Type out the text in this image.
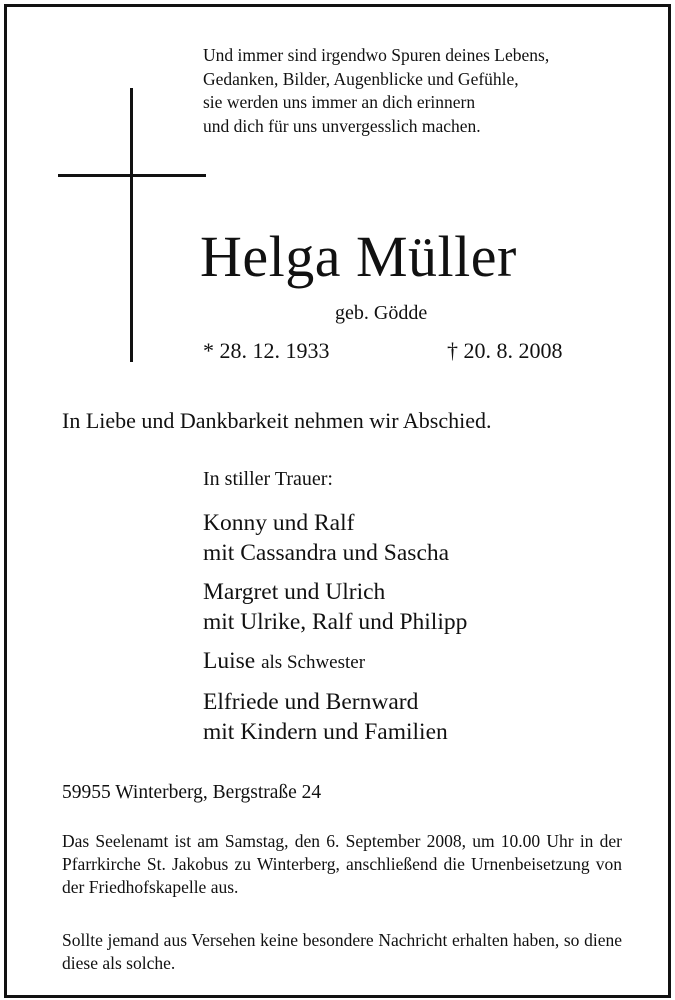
Und immer sind irgendwo Spuren deines Lebens,
Gedanken, Bilder, Augenblicke und Gefühle,
sie werden uns immer an dich erinnern
und dich für uns unvergesslich machen.
Helga Müller
geb. Gödde
* 28. 12. 1933	† 20. 8. 2008
In Liebe und Dankbarkeit nehmen wir Abschied.
In stiller Trauer:
Konny und Ralf
mit Cassandra und Sascha
Margret und Ulrich
mit Ulrike, Ralf und Philipp
Luise als Schwester
Elfriede und Bernward
mit Kindern und Familien
59955 Winterberg, Bergstraße 24
Das Seelenamt ist am Samstag, den 6. September 2008, um 10.00 Uhr in der Pfarrkirche St. Jakobus zu Winterberg, anschließend die Urnenbeisetzung von der Friedhofskapelle aus.
Sollte jemand aus Versehen keine besondere Nachricht erhalten haben, so diene diese als solche.
